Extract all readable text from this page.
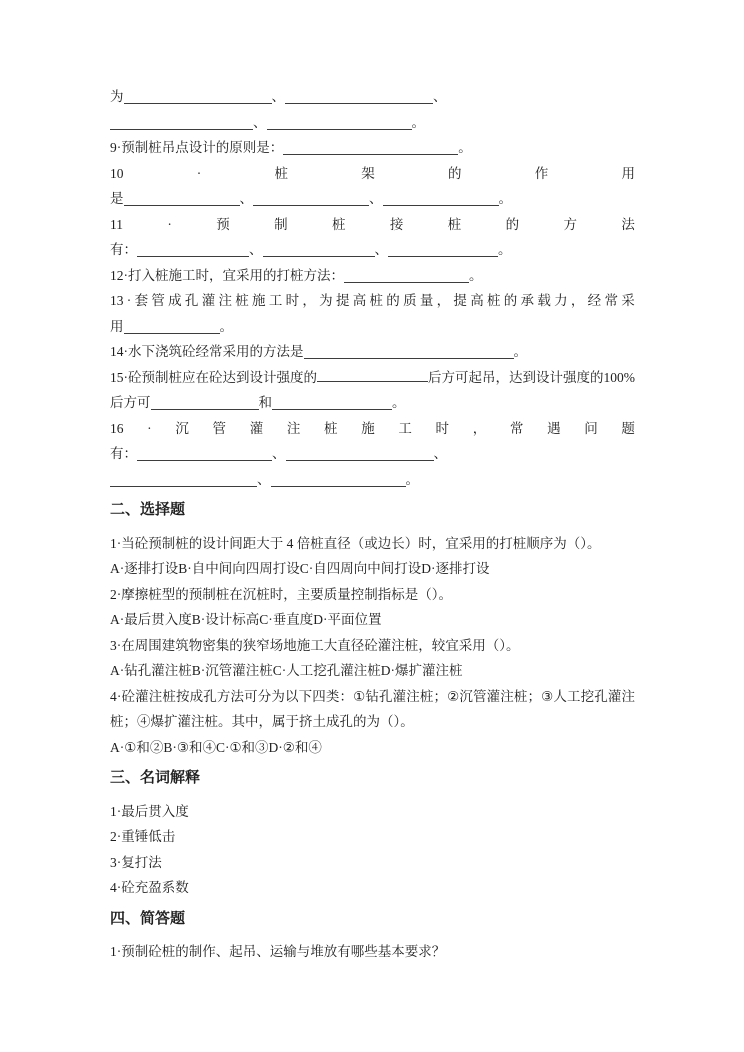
为	、	、
、	。
9·预制桩吊点设计的原则是：	。
10	·	桩	架	的	作	用
是	、	、	。
11	·	预	制	桩	接	桩	的	方	法
有：	、	、	。
12·打入桩施工时，宜采用的打桩方法：	。
13 · 套 管 成 孔 灌 注 桩 施 工 时 ， 为 提 高 桩 的 质 量 ， 提 高 桩 的 承 载 力 ， 经 常 采
用	。
14·水下浇筑砼经常采用的方法是	。
15 · 砼 预 制 桩 应 在 砼 达 到 设 计 强 度 的	后 方 可 起 吊 ， 达 到 设 计 强 度 的 100%
后方可	和	。
16 · 沉 管 灌 注 桩 施 工 时 ， 常 遇 问 题
有：	、	、
、	。
二、选择题
1·当砼预制桩的设计间距大于 4 倍桩直径（或边长）时，宜采用的打桩顺序为（）。
A·逐排打设B·自中间向四周打设C·自四周向中间打设D·逐排打设
2·摩擦桩型的预制桩在沉桩时，主要质量控制指标是（）。
A·最后贯入度B·设计标高C·垂直度D·平面位置
3·在周围建筑物密集的狭窄场地施工大直径砼灌注桩，较宜采用（）。
A·钻孔灌注桩B·沉管灌注桩C·人工挖孔灌注桩D·爆扩灌注桩
4 · 砼 灌 注 桩 按 成 孔 方 法 可 分 为 以 下 四 类 ： ① 钻 孔 灌 注 桩 ； ② 沉 管 灌 注 桩 ； ③ 人 工 挖 孔 灌 注
桩；④爆扩灌注桩。其中，属于挤土成孔的为（）。
A·①和②B·③和④C·①和③D·②和④
三、名词解释
1·最后贯入度
2·重锤低击
3·复打法
4·砼充盈系数
四、简答题
1·预制砼桩的制作、起吊、运输与堆放有哪些基本要求？
